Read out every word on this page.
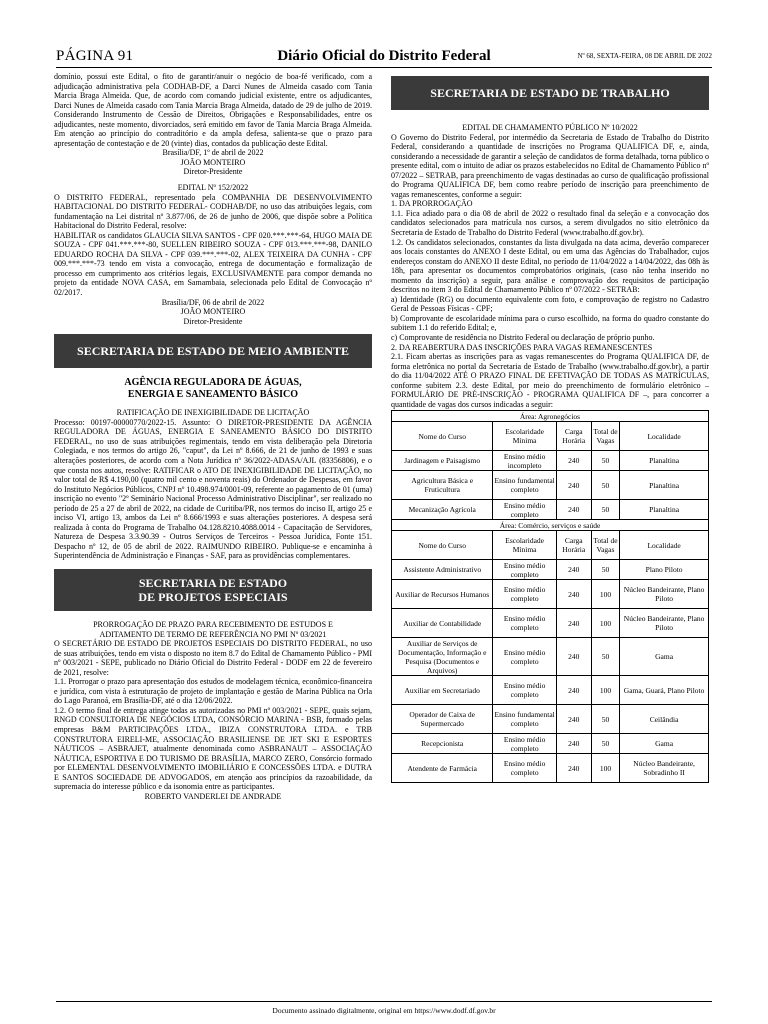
PÁGINA 91	Diário Oficial do Distrito Federal	Nº 68, SEXTA-FEIRA, 08 DE ABRIL DE 2022

domínio, possui este Edital, o fito de garantir/anuir o negócio de boa-fé verificado, com a adjudicação administrativa pela CODHAB-DF, a Darci Nunes de Almeida casado com Tania Marcia Braga Almeida. Que, de acordo com comando judicial existente, entre os adjudicantes, Darci Nunes de Almeida casado com Tania Marcia Braga Almeida, datado de 29 de julho de 2019. Considerando Instrumento de Cessão de Direitos, Obrigações e Responsabilidades, entre os adjudicantes, neste momento, divorciados, será emitido em favor de Tania Marcia Braga Almeida. Em atenção ao princípio do contraditório e da ampla defesa, salienta-se que o prazo para apresentação de contestação e de 20 (vinte) dias, contados da publicação deste Edital.

Brasília/DF, 1º de abril de 2022

JOÃO MONTEIRO

Diretor-Presidente

EDITAL Nº 152/2022

O DISTRITO FEDERAL, representado pela COMPANHIA DE DESENVOLVIMENTO HABITACIONAL DO DISTRITO FEDERAL- CODHAB/DF, no uso das atribuições legais, com fundamentação na Lei distrital nº 3.877/06, de 26 de junho de 2006, que dispõe sobre a Política Habitacional do Distrito Federal, resolve:

HABILITAR os candidatos GLAUCIA SILVA SANTOS - CPF 020.***.***-64, HUGO MAIA DE SOUZA - CPF 041.***.***-80, SUELLEN RIBEIRO SOUZA - CPF 013.***.***-98, DANILO EDUARDO ROCHA DA SILVA - CPF 039.***.***-02, ALEX TEIXEIRA DA CUNHA - CPF 009.***.***-73 tendo em vista a convocação, entrega de documentação e formalização de processo em cumprimento aos critérios legais, EXCLUSIVAMENTE para compor demanda no projeto da entidade NOVA CASA, em Samambaia, selecionada pelo Edital de Convocação nº 02/2017.

Brasília/DF, 06 de abril de 2022

JOÃO MONTEIRO

Diretor-Presidente

SECRETARIA DE ESTADO DE MEIO AMBIENTE
AGÊNCIA REGULADORA DE ÁGUAS,
ENERGIA E SANEAMENTO BÁSICO

RATIFICAÇÃO DE INEXIGIBILIDADE DE LICITAÇÃO

Processo: 00197-00000770/2022-15. Assunto: O DIRETOR-PRESIDENTE DA AGÊNCIA REGULADORA DE ÁGUAS, ENERGIA E SANEAMENTO BÁSICO DO DISTRITO FEDERAL, no uso de suas atribuições regimentais, tendo em vista deliberação pela Diretoria Colegiada, e nos termos do artigo 26, "caput", da Lei nº 8.666, de 21 de junho de 1993 e suas alterações posteriores, de acordo com a Nota Jurídica nº 36/2022-ADASA/AJL (83356806), e o que consta nos autos, resolve: RATIFICAR o ATO DE INEXIGIBILIDADE DE LICITAÇÃO, no valor total de R$ 4.190,00 (quatro mil cento e noventa reais) do Ordenador de Despesas, em favor do Instituto Negócios Públicos, CNPJ nº 10.498.974/0001-09, referente ao pagamento de 01 (uma) inscrição no evento "2º Seminário Nacional Processo Administrativo Disciplinar", ser realizado no período de 25 a 27 de abril de 2022, na cidade de Curitiba/PR, nos termos do inciso II, artigo 25 e inciso VI, artigo 13, ambos da Lei nº 8.666/1993 e suas alterações posteriores. A despesa será realizada à conta do Programa de Trabalho 04.128.8210.4088.0014 - Capacitação de Servidores, Natureza de Despesa 3.3.90.39 - Outros Serviços de Terceiros - Pessoa Jurídica, Fonte 151. Despacho nº 12, de 05 de abril de 2022. RAIMUNDO RIBEIRO. Publique-se e encaminha à Superintendência de Administração e Finanças - SAF, para as providências complementares.

SECRETARIA DE ESTADO
DE PROJETOS ESPECIAIS

PRORROGAÇÃO DE PRAZO PARA RECEBIMENTO DE ESTUDOS E

ADITAMENTO DE TERMO DE REFERÊNCIA NO PMI Nº 03/2021

O SECRETÁRIO DE ESTADO DE PROJETOS ESPECIAIS DO DISTRITO FEDERAL, no uso de suas atribuições, tendo em vista o disposto no item 8.7 do Edital de Chamamento Público - PMI nº 003/2021 - SEPE, publicado no Diário Oficial do Distrito Federal - DODF em 22 de fevereiro de 2021, resolve:

1.1. Prorrogar o prazo para apresentação dos estudos de modelagem técnica, econômico-financeira e jurídica, com vista à estruturação de projeto de implantação e gestão de Marina Pública na Orla do Lago Paranoá, em Brasília-DF, até o dia 12/06/2022.

1.2. O termo final de entrega atinge todas as autorizadas no PMI nº 003/2021 - SEPE, quais sejam, RNGD CONSULTORIA DE NEGÓCIOS LTDA, CONSÓRCIO MARINA - BSB, formado pelas empresas B&M PARTICIPAÇÕES LTDA., IBIZA CONSTRUTORA LTDA. e TRB CONSTRUTORA EIRELI-ME, ASSOCIAÇÃO BRASILIENSE DE JET SKI E ESPORTES NÁUTICOS – ASBRAJET, atualmente denominada como ASBRANAUT – ASSOCIAÇÃO NÁUTICA, ESPORTIVA E DO TURISMO DE BRASÍLIA, MARCO ZERO, Consórcio formado por ELEMENTAL DESENVOLVIMENTO IMOBILIÁRIO E CONCESSÕES LTDA. e DUTRA E SANTOS SOCIEDADE DE ADVOGADOS, em atenção aos princípios da razoabilidade, da supremacia do interesse público e da isonomia entre as participantes.

ROBERTO VANDERLEI DE ANDRADE

SECRETARIA DE ESTADO DE TRABALHO

EDITAL DE CHAMAMENTO PÚBLICO Nº 10/2022

O Governo do Distrito Federal, por intermédio da Secretaria de Estado de Trabalho do Distrito Federal, considerando a quantidade de inscrições no Programa QUALIFICA DF, e, ainda, considerando a necessidade de garantir a seleção de candidatos de forma detalhada, torna público o presente edital, com o intuito de adiar os prazos estabelecidos no Edital de Chamamento Público nº 07/2022 – SETRAB, para preenchimento de vagas destinadas ao curso de qualificação profissional do Programa QUALIFICA DF, bem como reabre período de inscrição para preenchimento de vagas remanescentes, conforme a seguir:

1. DA PRORROGAÇÃO

1.1. Fica adiado para o dia 08 de abril de 2022 o resultado final da seleção e a convocação dos candidatos selecionados para matrícula nos cursos, a serem divulgados no sítio eletrônico da Secretaria de Estado de Trabalho do Distrito Federal (www.trabalho.df.gov.br).

1.2. Os candidatos selecionados, constantes da lista divulgada na data acima, deverão comparecer aos locais constantes do ANEXO I deste Edital, ou em uma das Agências do Trabalhador, cujos endereços constam do ANEXO II deste Edital, no período de 11/04/2022 a 14/04/2022, das 08h às 18h, para apresentar os documentos comprobatórios originais, (caso não tenha inserido no momento da inscrição) a seguir, para análise e comprovação dos requisitos de participação descritos no item 3 do Edital de Chamamento Público nº 07/2022 - SETRAB:

a) Identidade (RG) ou documento equivalente com foto, e comprovação de registro no Cadastro Geral de Pessoas Físicas - CPF;

b) Comprovante de escolaridade mínima para o curso escolhido, na forma do quadro constante do subitem 1.1 do referido Edital; e,

c) Comprovante de residência no Distrito Federal ou declaração de próprio punho.

2. DA REABERTURA DAS INSCRIÇÕES PARA VAGAS REMANESCENTES

2.1. Ficam abertas as inscrições para as vagas remanescentes do Programa QUALIFICA DF, de forma eletrônica no portal da Secretaria de Estado de Trabalho (www.trabalho.df.gov.br), a partir do dia 11/04/2022 ATÉ O PRAZO FINAL DE EFETIVAÇÃO DE TODAS AS MATRÍCULAS, conforme subitem 2.3. deste Edital, por meio do preenchimento de formulário eletrônico – FORMULÁRIO DE PRÉ-INSCRIÇÃO - PROGRAMA QUALIFICA DF –, para concorrer a quantidade de vagas dos cursos indicadas a seguir:

Área: Agronegócios				
Nome do Curso	Escolaridade Mínima	Carga Horária	Total de Vagas	Localidade
Jardinagem e Paisagismo	Ensino médio incompleto	240	50	Planaltina
Agricultura Básica e Fruticultura	Ensino fundamental completo	240	50	Planaltina
Mecanização Agrícola	Ensino médio completo	240	50	Planaltina
Área: Comércio, serviços e saúde				
Nome do Curso	Escolaridade Mínima	Carga Horária	Total de Vagas	Localidade
Assistente Administrativo	Ensino médio completo	240	50	Plano Piloto
Auxiliar de Recursos Humanos	Ensino médio completo	240	100	Núcleo Bandeirante, Plano Piloto
Auxiliar de Contabilidade	Ensino médio completo	240	100	Núcleo Bandeirante, Plano Piloto
Auxiliar de Serviços de Documentação, Informação e Pesquisa (Documentos e Arquivos)	Ensino médio completo	240	50	Gama
Auxiliar em Secretariado	Ensino médio completo	240	100	Gama, Guará, Plano Piloto
Operador de Caixa de Supermercado	Ensino fundamental completo	240	50	Ceilândia
Recepcionista	Ensino médio completo	240	50	Gama
Atendente de Farmácia	Ensino médio completo	240	100	Núcleo Bandeirante, Sobradinho II
Documento assinado digitalmente, original em https://www.dodf.df.gov.br
